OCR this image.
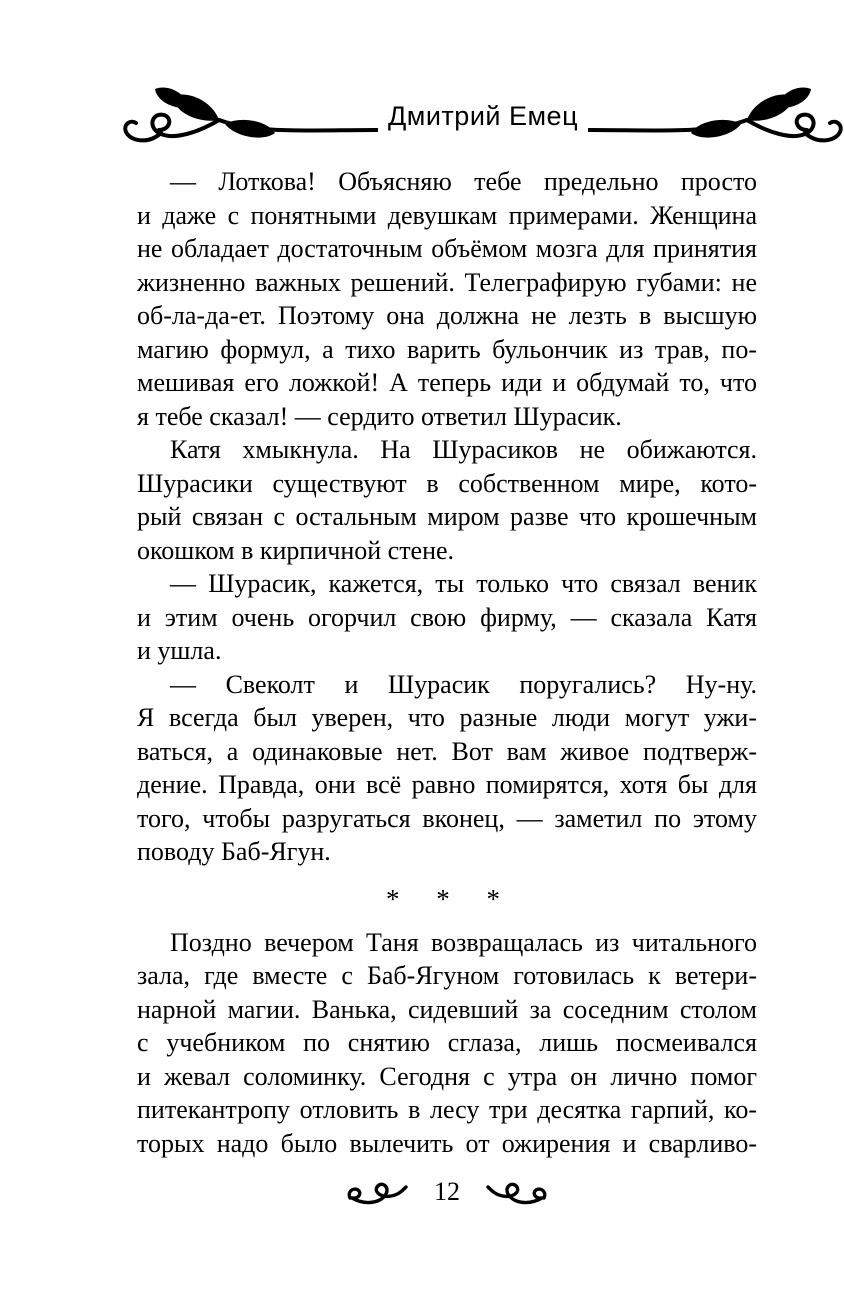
Дмитрий Емец
— Лоткова! Объясняю тебе предельно просто
и даже с понятными девушкам примерами. Женщина
не обладает достаточным объёмом мозга для принятия
жизненно важных решений. Телеграфирую губами: не
об-ла-да-ет. Поэтому она должна не лезть в высшую
магию формул, а тихо варить бульончик из трав, по-
мешивая его ложкой! А теперь иди и обдумай то, что
я тебе сказал! — сердито ответил Шурасик.
Катя хмыкнула. На Шурасиков не обижаются.
Шурасики существуют в собственном мире, кото-
рый связан с остальным миром разве что крошечным
окошком в кирпичной стене.
— Шурасик, кажется, ты только что связал веник
и этим очень огорчил свою фирму, — сказала Катя
и ушла.
— Свеколт и Шурасик поругались? Ну-ну.
Я всегда был уверен, что разные люди могут ужи-
ваться, а одинаковые нет. Вот вам живое подтверж-
дение. Правда, они всё равно помирятся, хотя бы для
того, чтобы разругаться вконец, — заметил по этому
поводу Баб-Ягун.
* * *
Поздно вечером Таня возвращалась из читального
зала, где вместе с Баб-Ягуном готовилась к ветери-
нарной магии. Ванька, сидевший за соседним столом
с учебником по снятию сглаза, лишь посмеивался
и жевал соломинку. Сегодня с утра он лично помог
питекантропу отловить в лесу три десятка гарпий, ко-
торых надо было вылечить от ожирения и сварливо-
12
